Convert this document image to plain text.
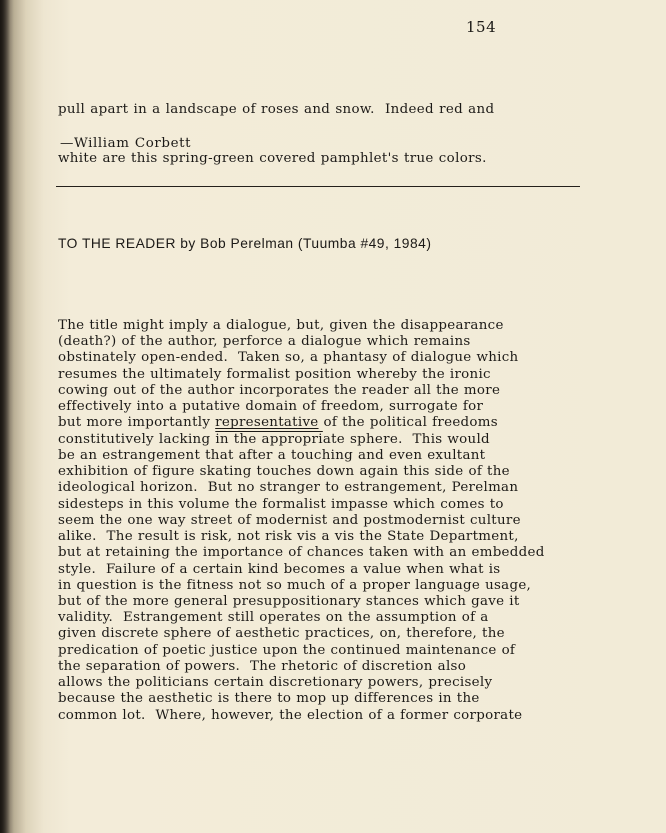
154

pull apart in a landscape of roses and snow.  Indeed red and

white are this spring-green covered pamphlet's true colors.

—William Corbett
TO THE READER by Bob Perelman (Tuumba #49, 1984)
The title might imply a dialogue, but, given the disappearance
(death?) of the author, perforce a dialogue which remains
obstinately open-ended.  Taken so, a phantasy of dialogue which
resumes the ultimately formalist position whereby the ironic
cowing out of the author incorporates the reader all the more
effectively into a putative domain of freedom, surrogate for
but more importantly representative of the political freedoms
constitutively lacking in the appropriate sphere.  This would
be an estrangement that after a touching and even exultant
exhibition of figure skating touches down again this side of the
ideological horizon.  But no stranger to estrangement, Perelman
sidesteps in this volume the formalist impasse which comes to
seem the one way street of modernist and postmodernist culture
alike.  The result is risk, not risk vis a vis the State Department,
but at retaining the importance of chances taken with an embedded
style.  Failure of a certain kind becomes a value when what is
in question is the fitness not so much of a proper language usage,
but of the more general presuppositionary stances which gave it
validity.  Estrangement still operates on the assumption of a
given discrete sphere of aesthetic practices, on, therefore, the
predication of poetic justice upon the continued maintenance of
the separation of powers.  The rhetoric of discretion also
allows the politicians certain discretionary powers, precisely
because the aesthetic is there to mop up differences in the
common lot.  Where, however, the election of a former corporate
